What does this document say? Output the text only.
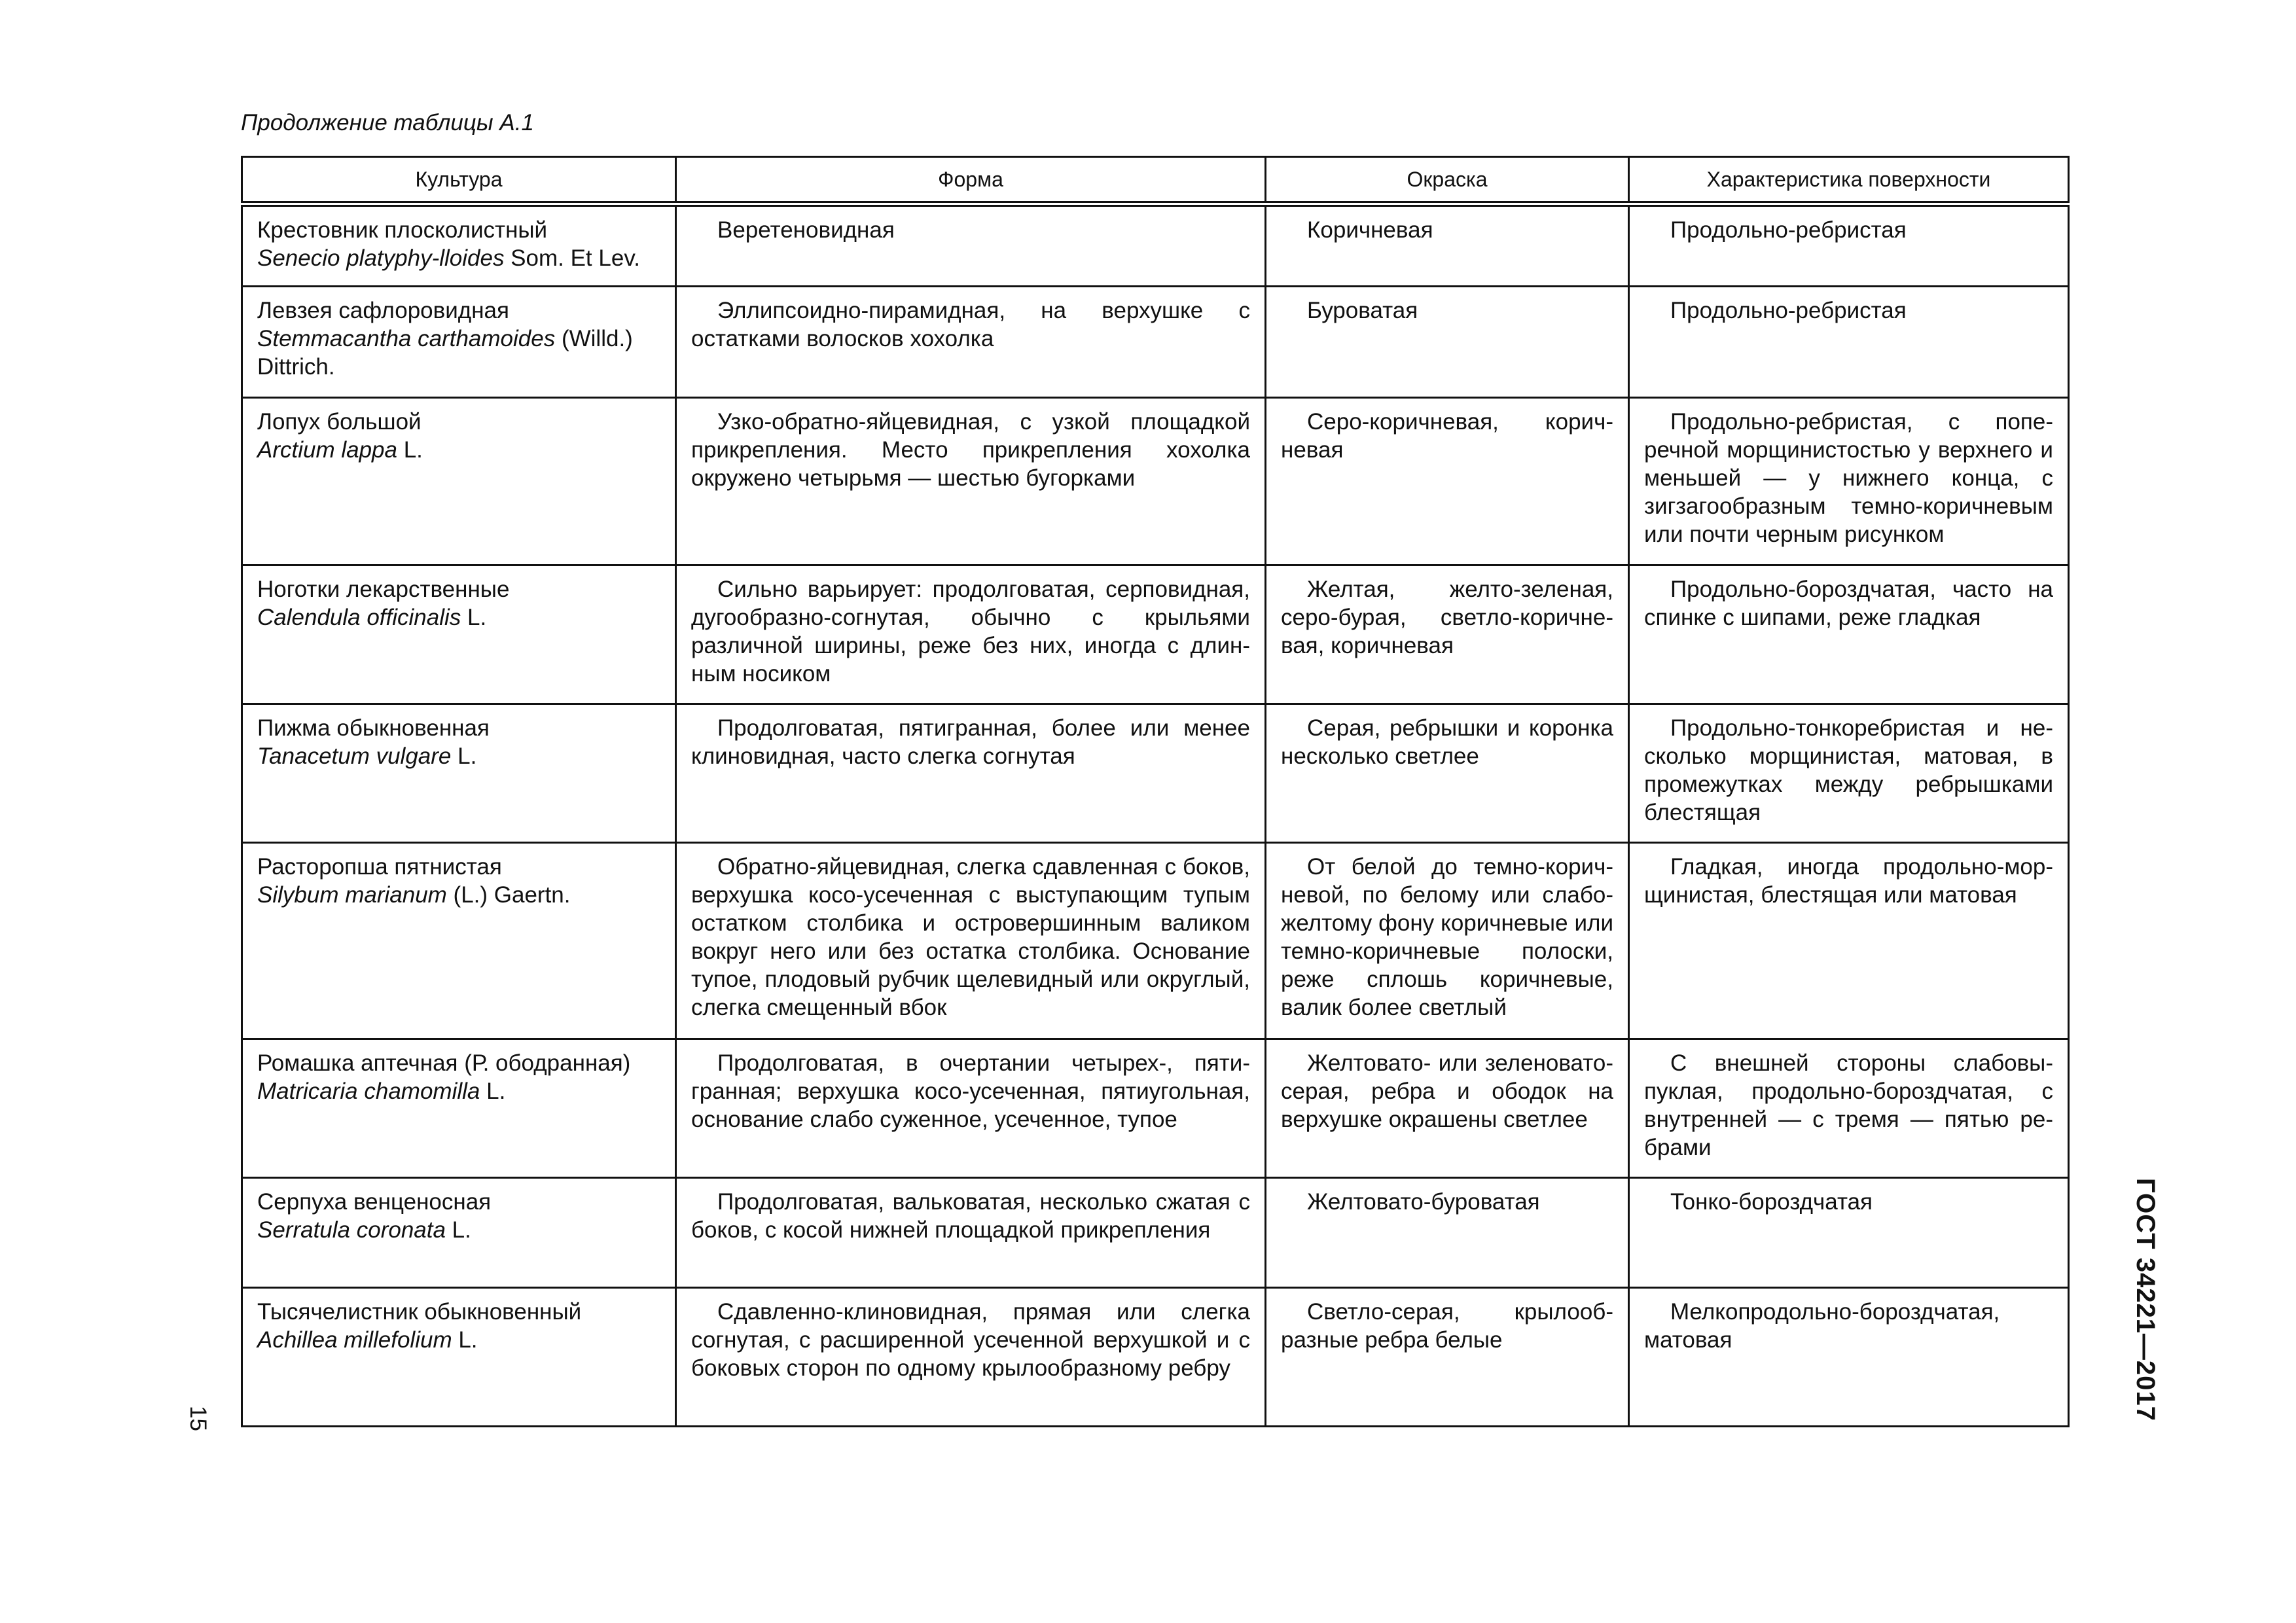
Продолжение таблицы А.1
Культура	Форма	Окраска	Характеристика поверхности
Крестовник плосколистный
Senecio platyphy-lloides Som. Et Lev.	Веретеновидная	Коричневая	Продольно-ребристая
Левзея сафлоровидная
Stemmacantha carthamoides (Willd.) Dittrich.	Эллипсоидно-пирамидная, на верхушке с остатками волосков хохолка	Буроватая	Продольно-ребристая
Лопух большой
Arctium lappa L.	Узко-обратно-яйцевидная, с узкой площадкой прикрепления. Место прикрепления хохолка окружено четырьмя — шестью бугорками	Серо-коричневая, коричневая	Продольно-ребристая, с поперечной морщинистостью у верхнего и меньшей — у нижнего конца, с зигзагообразным темно-коричневым или почти черным рисунком
Ноготки лекарственные
Calendula officinalis L.	Сильно варьирует: продолговатая, серповидная, дугообразно-согнутая, обычно с крыльями различной ширины, реже без них, иногда с длинным носиком	Желтая, желто-зеленая, серо-бурая, светло-коричневая, коричневая	Продольно-бороздчатая, часто на спинке с шипами, реже гладкая
Пижма обыкновенная
Tanacetum vulgare L.	Продолговатая, пятигранная, более или менее клиновидная, часто слегка согнутая	Серая, ребрышки и коронка несколько светлее	Продольно-тонкоребристая и несколько морщинистая, матовая, в промежутках между ребрышками блестящая
Расторопша пятнистая
Silybum marianum (L.) Gaertn.	Обратно-яйцевидная, слегка сдавленная с боков, верхушка косо-усеченная с выступающим тупым остатком столбика и островершинным валиком вокруг него или без остатка столбика. Основание тупое, плодовый рубчик щелевидный или округлый, слегка смещенный вбок	От белой до темно-коричневой, по белому или слабо-желтому фону коричневые или темно-коричневые полоски, реже сплошь коричневые, валик более светлый	Гладкая, иногда продольно-морщинистая, блестящая или матовая
Ромашка аптечная (Р. ободранная)
Matricaria chamomilla L.	Продолговатая, в очертании четырех-, пятигранная; верхушка косо-усеченная, пятиугольная, основание слабо суженное, усеченное, тупое	Желтовато- или зеленовато-серая, ребра и ободок на верхушке окрашены светлее	С внешней стороны слабовыпуклая, продольно-бороздчатая, с внутренней — с тремя — пятью ребрами
Серпуха венценосная
Serratula coronata L.	Продолговатая, вальковатая, несколько сжатая с боков, с косой нижней площадкой прикрепления	Желтовато-буроватая	Тонко-бороздчатая
Тысячелистник обыкновенный
Achillea millefolium L.	Сдавленно-клиновидная, прямая или слегка согнутая, с расширенной усеченной верхушкой и с боковых сторон по одному крылообразному ребру	Светло-серая, крылообразные ребра белые	Мелкопродольно-бороздчатая, матовая	ГОСТ 34221—2017
15
